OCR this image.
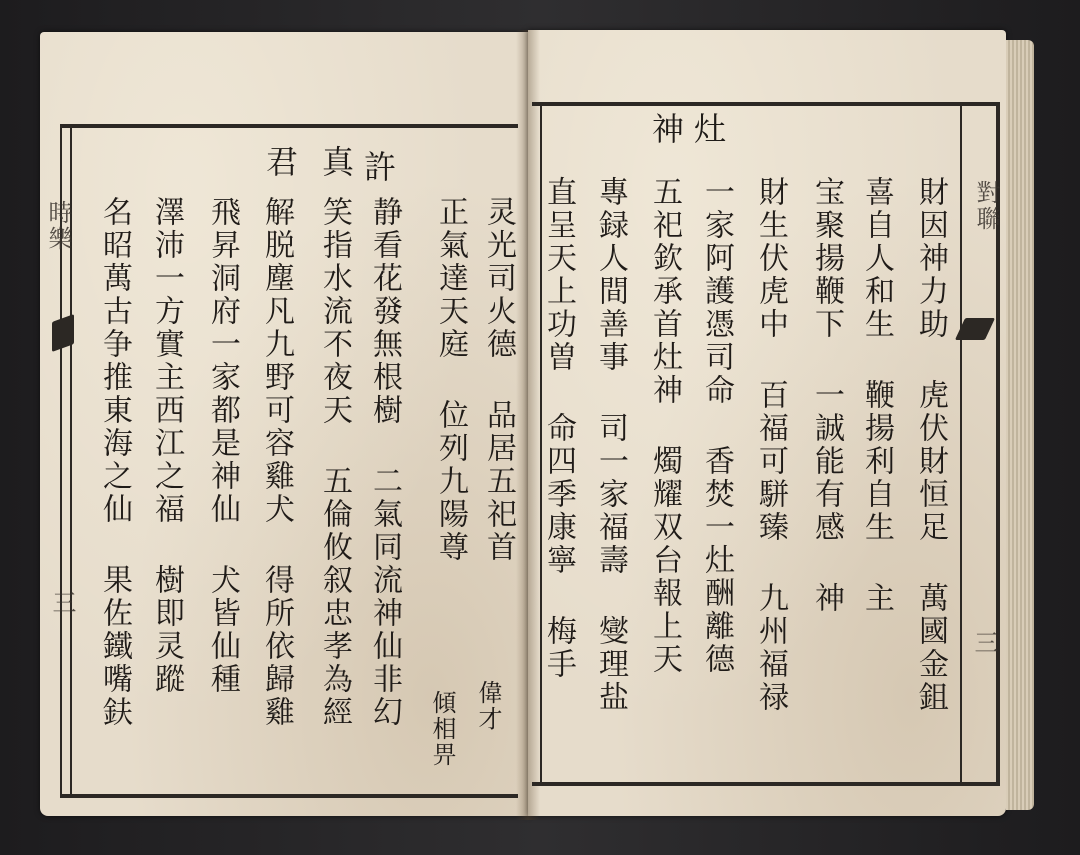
時樂
三
許
真
君
偉才
傾相畀
灵光司火德 品居五祀首
正氣達天庭 位列九陽尊
静看花發無根樹 二氣同流神仙非幻
笑指水流不夜天 五倫攸叙忠孝為經
解脱塵凡九野可容雞犬 得所依歸雞
飛昇洞府一家都是神仙 犬皆仙種
澤沛一方實主西江之福 樹即灵蹤
名昭萬古争推東海之仙 果佐鐵嘴鈇	對聯
三
灶
神
財因神力助 虎伏財恒足 萬國金鉏
喜自人和生 鞭揚利自生 主
宝聚揚鞭下 一誠能有感 神
財生伏虎中 百福可駢臻 九州福禄
一家阿護憑司命 香焚一灶酬離德
五祀欽承首灶神 燭耀双台報上天
專録人間善事 司一家福壽 燮理盐
直呈天上功曽 命四季康寧 梅手
